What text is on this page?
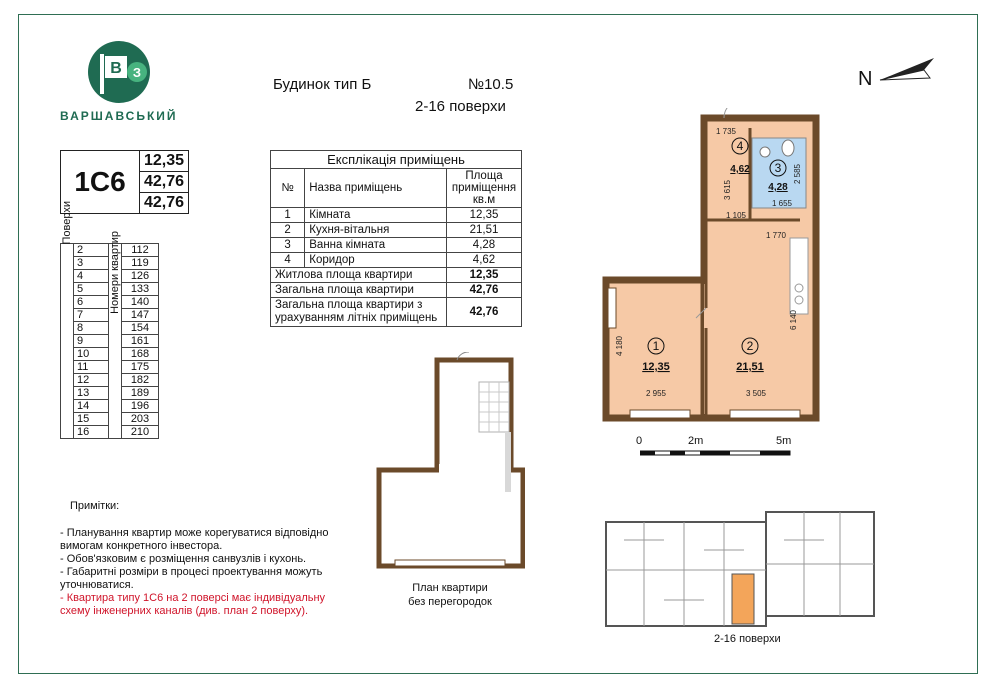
В З
ВАРШАВСЬКИЙ
Будинок тип Б	№10.5
2-16 поверхи
N
1С6	12,35
42,76
42,76
Експлікація приміщень		
№	Назва приміщень	Площа приміщення кв.м
1	Кімната	12,35
2	Кухня-вітальня	21,51
3	Ванна кімната	4,28
4	Коридор	4,62
Житлова площа квартири		12,35
Загальна площа квартири		42,76
Загальна площа квартири з урахуванням літніх приміщень		42,76
Поверхи	2	Номери квартир	112
	3		119
	4		126
	5		133
	6		140
	7		147
	8		154
	9		161
	10		168
	11		175
	12		182
	13		189
	14		196
	15		203
	16		210
Примітки:
- Планування квартир може корегуватися відповідно вимогам конкретного інвестора.
- Обов'язковим є розміщення санвузлів і кухонь.
- Габаритні розміри в процесі проектування можуть уточнюватися.
- Квартира типу 1С6 на 2 поверсі має індивідуальну схему інженерних каналів (див. план 2 поверху).
План квартири
без перегородок
1
12,35
2
21,51
3
4,28
4
4,62
1 735
3 615
2 585
1 655
1 105
1 770
4 180
6 140
2 955	3 505
0	2m	5m
2-16 поверхи
